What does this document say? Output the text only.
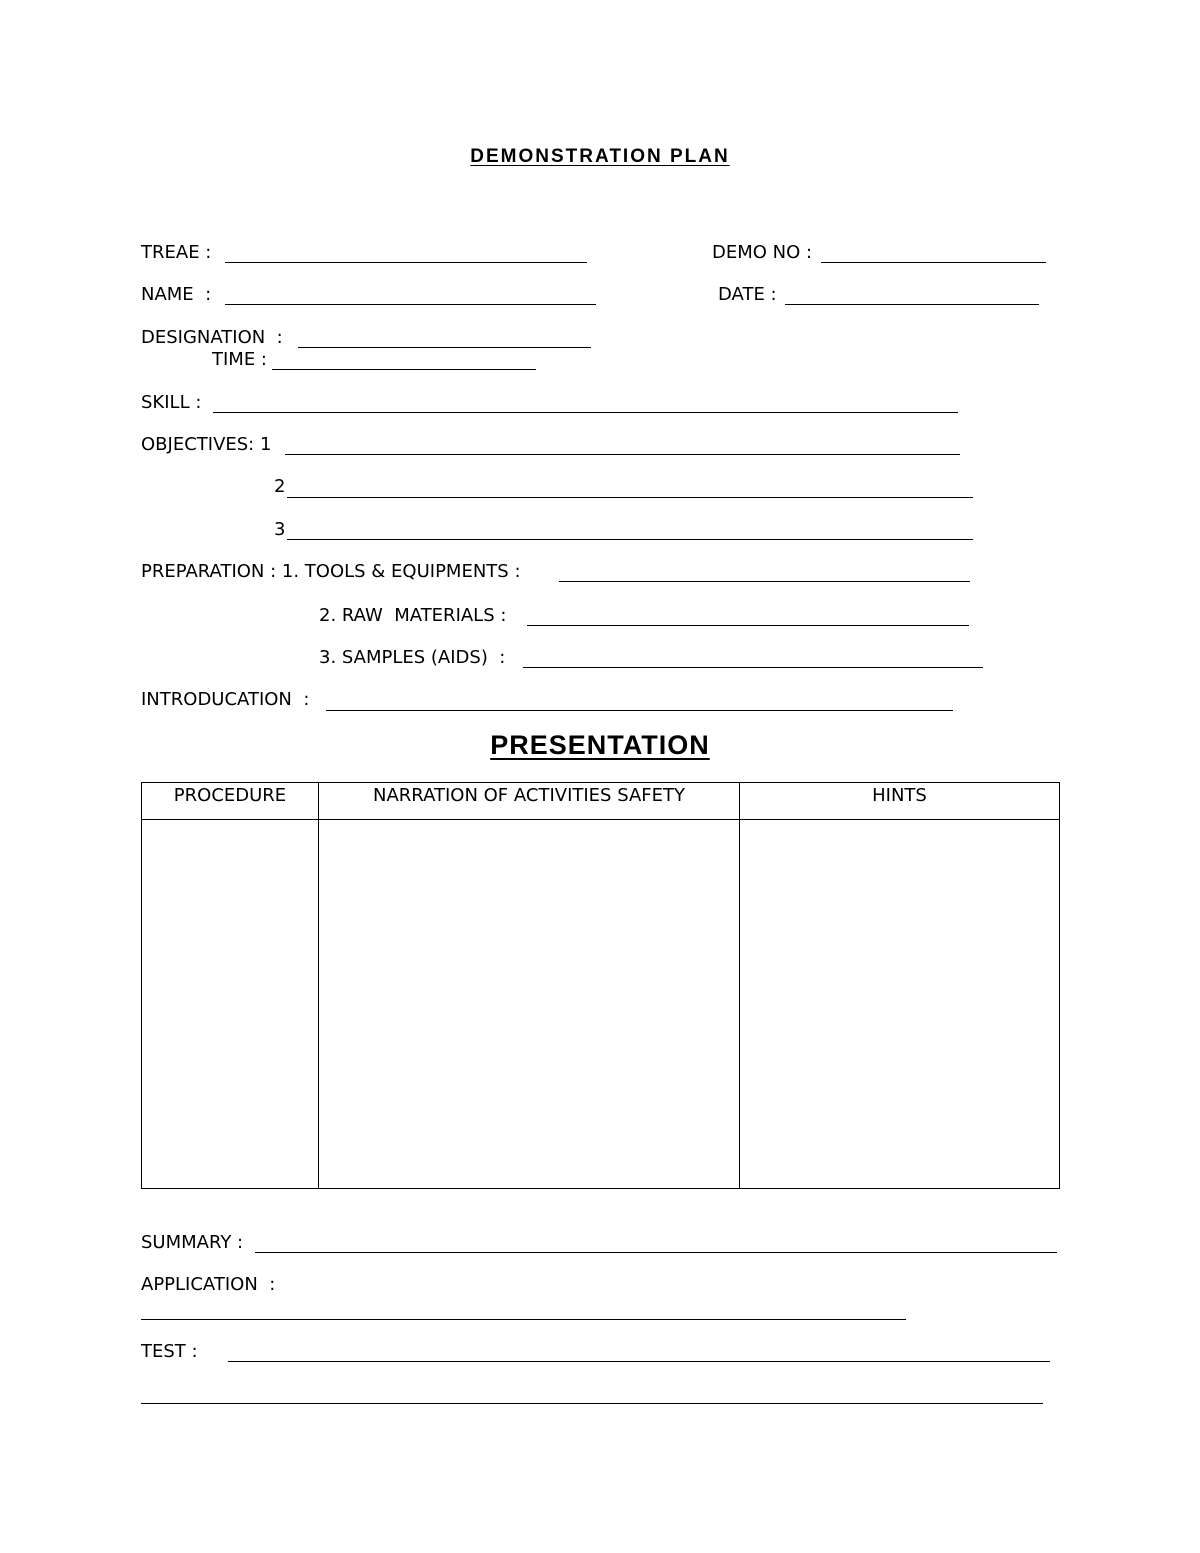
DEMONSTRATION PLAN
TREAE :	DEMO NO :
NAME  :	DATE :
DESIGNATION  :
TIME :
SKILL :
OBJECTIVES: 1
2
3
PREPARATION : 1. TOOLS & EQUIPMENTS :
2. RAW  MATERIALS :
3. SAMPLES (AIDS)  :
INTRODUCATION  :
PRESENTATION
PROCEDURE	NARRATION OF ACTIVITIES SAFETY	HINTS

SUMMARY :
APPLICATION  :
TEST :
